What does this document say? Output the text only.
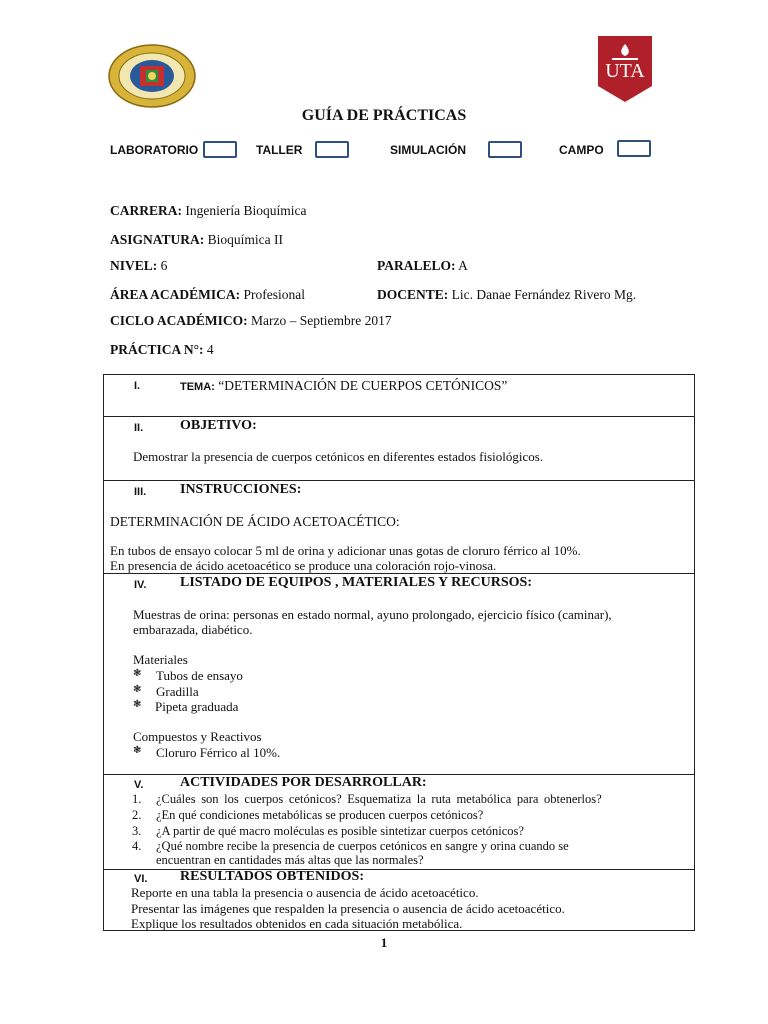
UTA
GUÍA DE PRÁCTICAS
LABORATORIO	TALLER	SIMULACIÓN	CAMPO
CARRERA: Ingeniería Bioquímica
ASIGNATURA: Bioquímica II
NIVEL: 6	PARALELO: A
ÁREA ACADÉMICA: Profesional	DOCENTE: Lic. Danae Fernández Rivero Mg.
CICLO ACADÉMICO: Marzo – Septiembre 2017
PRÁCTICA N°: 4
I.	TEMA: “DETERMINACIÓN DE CUERPOS CETÓNICOS”
II.	OBJETIVO:
Demostrar la presencia de cuerpos cetónicos en diferentes estados fisiológicos.
III. INSTRUCCIONES:
DETERMINACIÓN DE ÁCIDO ACETOACÉTICO:
En tubos de ensayo colocar 5 ml de orina y adicionar unas gotas de cloruro férrico al 10%.
En presencia de ácido acetoacético se produce una coloración rojo-vinosa.
IV. LISTADO DE EQUIPOS , MATERIALES Y RECURSOS:
Muestras de orina: personas en estado normal, ayuno prolongado, ejercicio físico (caminar),
embarazada, diabético.
Materiales
❃ Tubos de ensayo
❃ Gradilla
❃ Pipeta graduada
Compuestos y Reactivos
❃ Cloruro Férrico al 10%.
V.	ACTIVIDADES POR DESARROLLAR:
1. ¿Cuáles son los cuerpos cetónicos? Esquematiza la ruta metabólica para obtenerlos?
2. ¿En qué condiciones metabólicas se producen cuerpos cetónicos?
3. ¿A partir de qué macro moléculas es posible sintetizar cuerpos cetónicos?
4. ¿Qué nombre recibe la presencia de cuerpos cetónicos en sangre y orina cuando se
encuentran en cantidades más altas que las normales?
VI. RESULTADOS OBTENIDOS:
Reporte en una tabla la presencia o ausencia de ácido acetoacético.
Presentar las imágenes que respalden la presencia o ausencia de ácido acetoacético.
Explique los resultados obtenidos en cada situación metabólica.
1
